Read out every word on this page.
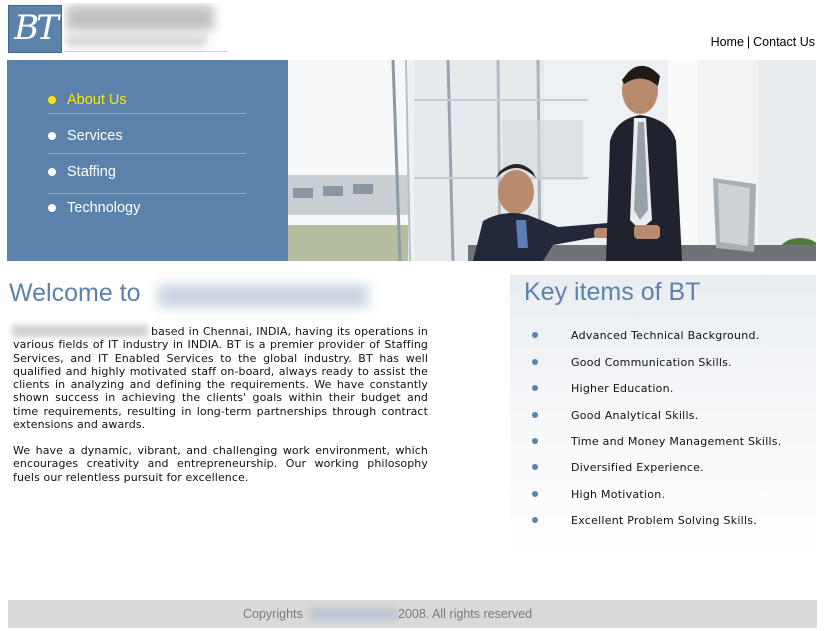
BT	Home | Contact Us
About Us
Services
Staffing
Technology
Welcome to
based in Chennai, INDIA, having its operations in various fields of IT industry in INDIA. BT is a premier provider of Staffing Services, and IT Enabled Services to the global industry. BT has well qualified and highly motivated staff on-board, always ready to assist the clients in analyzing and defining the requirements. We have constantly shown success in achieving the clients' goals within their budget and time requirements, resulting in long-term partnerships through contract extensions and awards.
We have a dynamic, vibrant, and challenging work environment, which encourages creativity and entrepreneurship. Our working philosophy fuels our relentless pursuit for excellence.
Key items of BT
Advanced Technical Background.
Good Communication Skills.
Higher Education.
Good Analytical Skills.
Time and Money Management Skills.
Diversified Experience.
High Motivation.
Excellent Problem Solving Skills.
Copyrights	2008. All rights reserved
